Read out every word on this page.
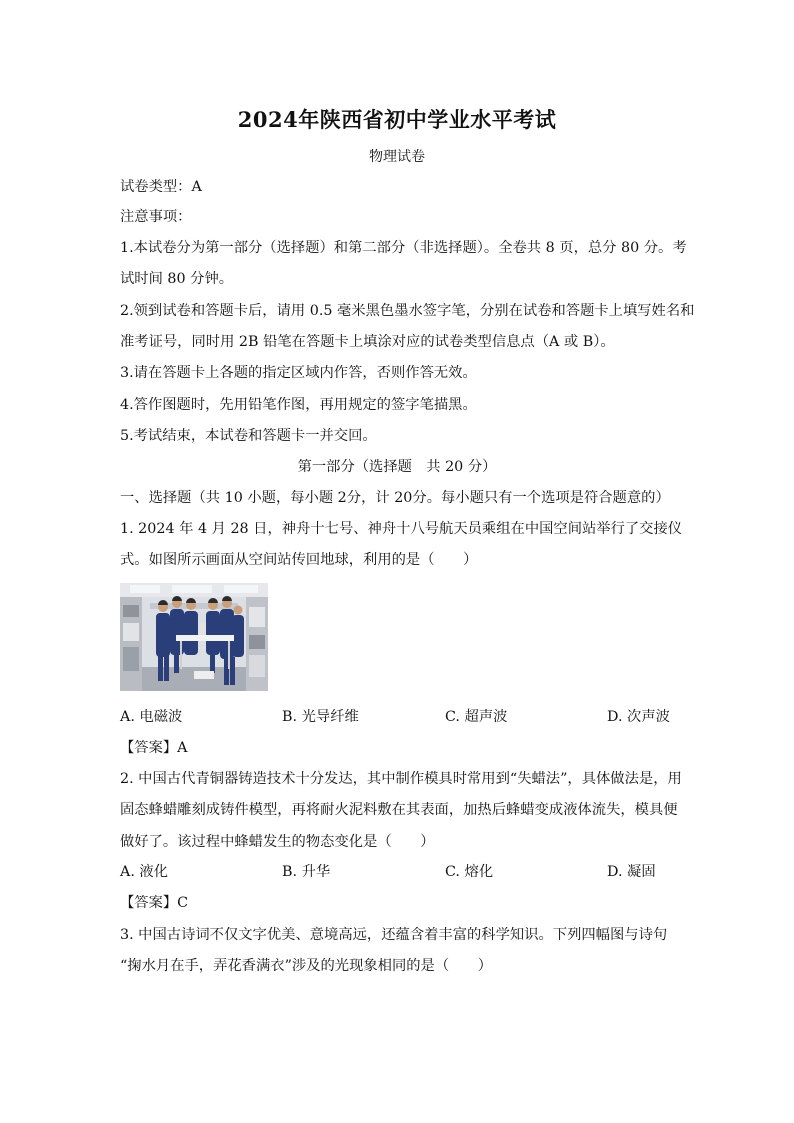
2024年陕西省初中学业水平考试
物理试卷
试卷类型：A
注意事项：
1.本试卷分为第一部分（选择题）和第二部分（非选择题）。全卷共 8 页，总分 80 分。考
试时间 80 分钟。
2.领到试卷和答题卡后，请用 0.5 毫米黑色墨水签字笔，分别在试卷和答题卡上填写姓名和
准考证号，同时用 2B 铅笔在答题卡上填涂对应的试卷类型信息点（A 或 B）。
3.请在答题卡上各题的指定区域内作答，否则作答无效。
4.答作图题时，先用铅笔作图，再用规定的签字笔描黑。
5.考试结束，本试卷和答题卡一并交回。
第一部分（选择题　共 20 分）
一、选择题（共 10 小题，每小题 2分，计 20分。每小题只有一个选项是符合题意的）
1. 2024 年 4 月 28 日，神舟十七号、神舟十八号航天员乘组在中国空间站举行了交接仪
式。如图所示画面从空间站传回地球，利用的是（　　）
A. 电磁波	B. 光导纤维	C. 超声波	D. 次声波
【答案】A
2. 中国古代青铜器铸造技术十分发达，其中制作模具时常用到“失蜡法”，具体做法是，用
固态蜂蜡雕刻成铸件模型，再将耐火泥料敷在其表面，加热后蜂蜡变成液体流失，模具便
做好了。该过程中蜂蜡发生的物态变化是（　　）
A. 液化	B. 升华	C. 熔化	D. 凝固
【答案】C
3. 中国古诗词不仅文字优美、意境高远，还蕴含着丰富的科学知识。下列四幅图与诗句
“掬水月在手，弄花香满衣”涉及的光现象相同的是（　　）
